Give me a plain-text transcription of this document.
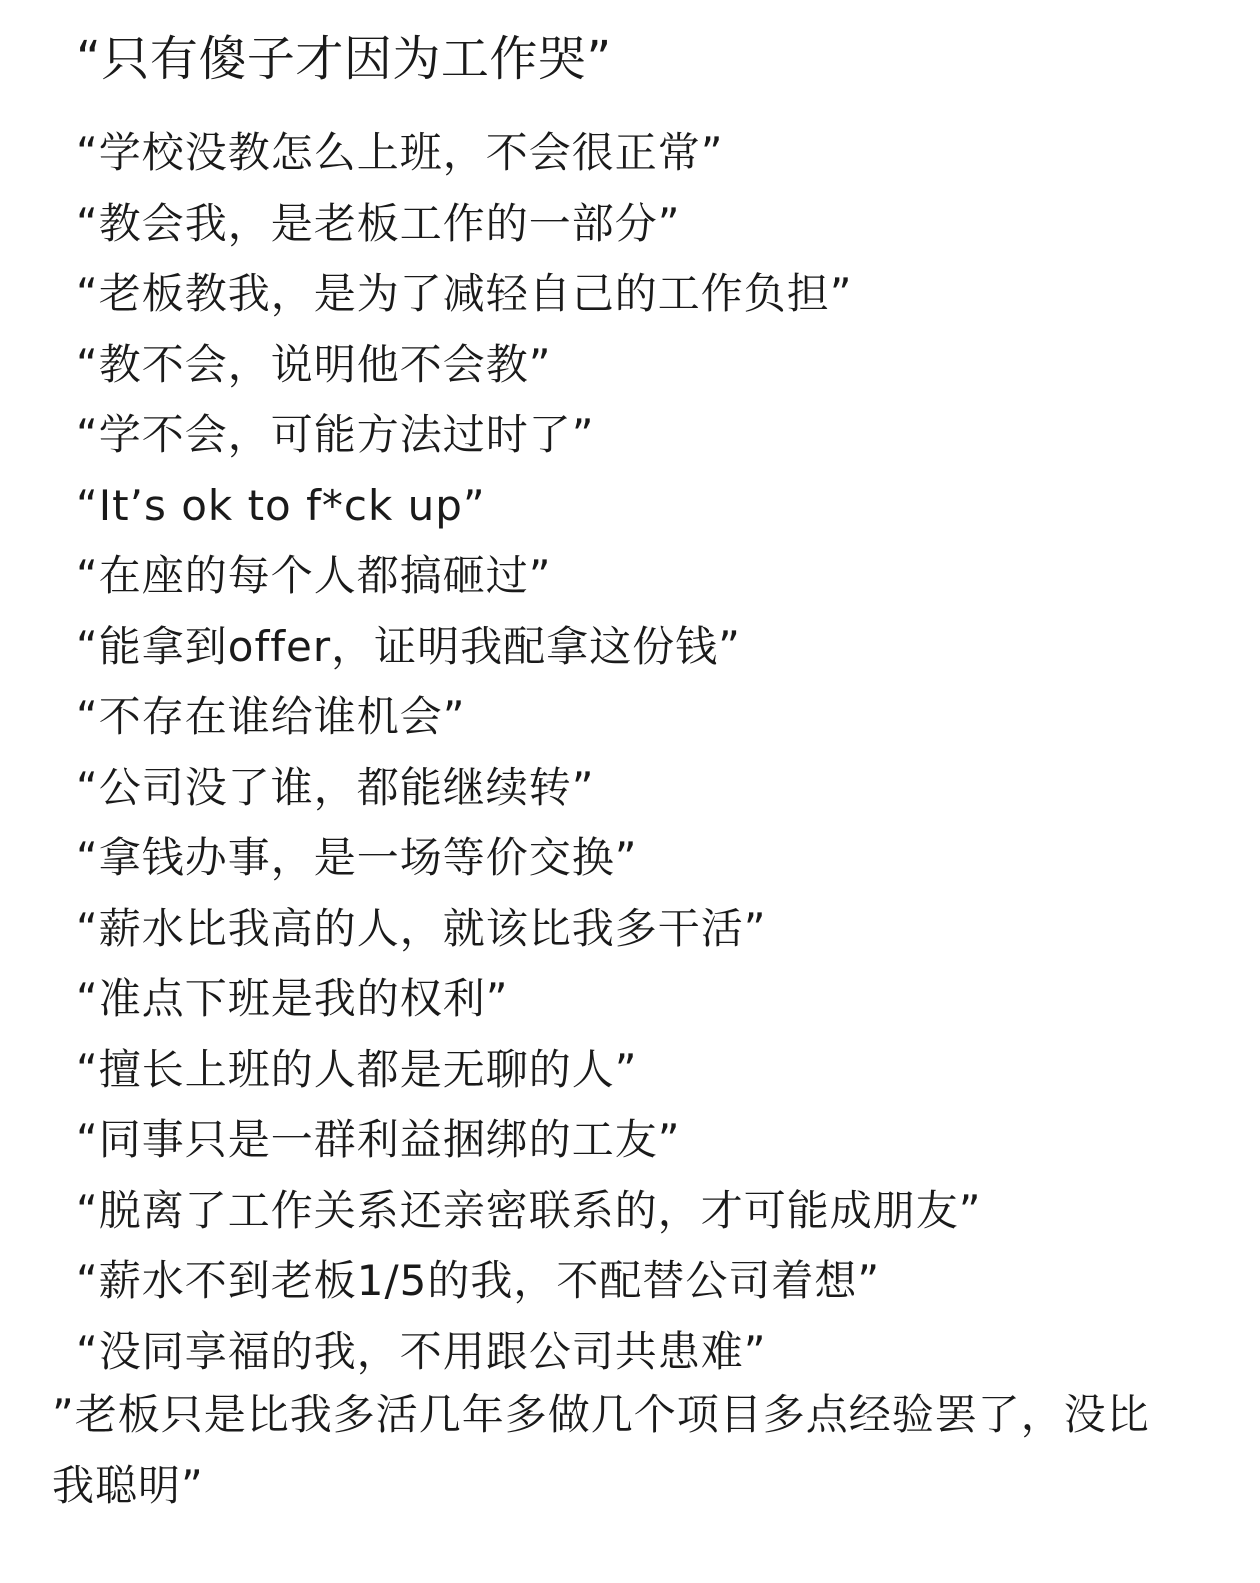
“只有傻子才因为工作哭”
“学校没教怎么上班，不会很正常”
“教会我，是老板工作的一部分”
“老板教我，是为了减轻自己的工作负担”
“教不会，说明他不会教”
“学不会，可能方法过时了”
“It’s ok to f*ck up”
“在座的每个人都搞砸过”
“能拿到offer，证明我配拿这份钱”
“不存在谁给谁机会”
“公司没了谁，都能继续转”
“拿钱办事，是一场等价交换”
“薪水比我高的人，就该比我多干活”
“准点下班是我的权利”
“擅长上班的人都是无聊的人”
“同事只是一群利益捆绑的工友”
“脱离了工作关系还亲密联系的，才可能成朋友”
“薪水不到老板1/5的我，不配替公司着想”
“没同享福的我，不用跟公司共患难”
”老板只是比我多活几年多做几个项目多点经验罢了，没比我聪明”
